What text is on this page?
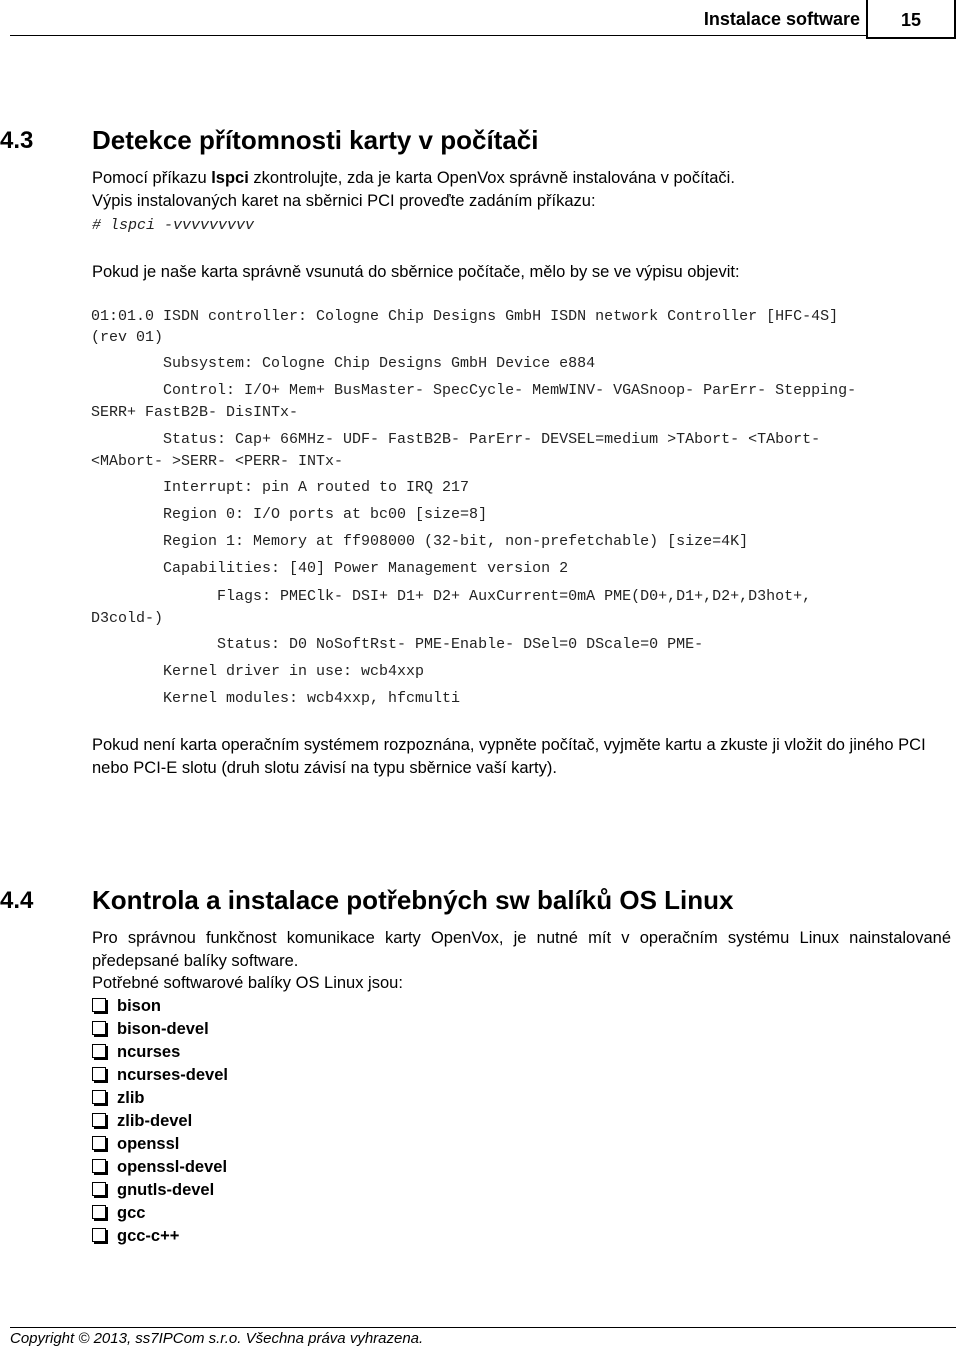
Instalace software	15
4.3 Detekce přítomnosti karty v počítači
Pomocí příkazu lspci zkontrolujte, zda je karta OpenVox správně instalována v počítači.
Výpis instalovaných karet na sběrnici PCI proveďte zadáním příkazu:
# lspci -vvvvvvvvv
Pokud je naše karta správně vsunutá do sběrnice počítače, mělo by se ve výpisu objevit:
01:01.0 ISDN controller: Cologne Chip Designs GmbH ISDN network Controller [HFC-4S]
(rev 01)
Subsystem: Cologne Chip Designs GmbH Device e884
Control: I/O+ Mem+ BusMaster- SpecCycle- MemWINV- VGASnoop- ParErr- Stepping-
SERR+ FastB2B- DisINTx-
Status: Cap+ 66MHz- UDF- FastB2B- ParErr- DEVSEL=medium >TAbort- <TAbort-
<MAbort- >SERR- <PERR- INTx-
Interrupt: pin A routed to IRQ 217
Region 0: I/O ports at bc00 [size=8]
Region 1: Memory at ff908000 (32-bit, non-prefetchable) [size=4K]
Capabilities: [40] Power Management version 2
Flags: PMEClk- DSI+ D1+ D2+ AuxCurrent=0mA PME(D0+,D1+,D2+,D3hot+,
D3cold-)
Status: D0 NoSoftRst- PME-Enable- DSel=0 DScale=0 PME-
Kernel driver in use: wcb4xxp
Kernel modules: wcb4xxp, hfcmulti
Pokud není karta operačním systémem rozpoznána, vypněte počítač, vyjměte kartu a zkuste ji vložit do jiného PCI nebo PCI-E slotu (druh slotu závisí na typu sběrnice vaší karty).
4.4 Kontrola a instalace potřebných sw balíků OS Linux
Pro správnou funkčnost komunikace karty OpenVox, je nutné mít v operačním systému Linux nainstalované předepsané balíky software.
Potřebné softwarové balíky OS Linux jsou:
bison
bison-devel
ncurses
ncurses-devel
zlib
zlib-devel
openssl
openssl-devel
gnutls-devel
gcc
gcc-c++
Copyright © 2013, ss7IPCom s.r.o. Všechna práva vyhrazena.
